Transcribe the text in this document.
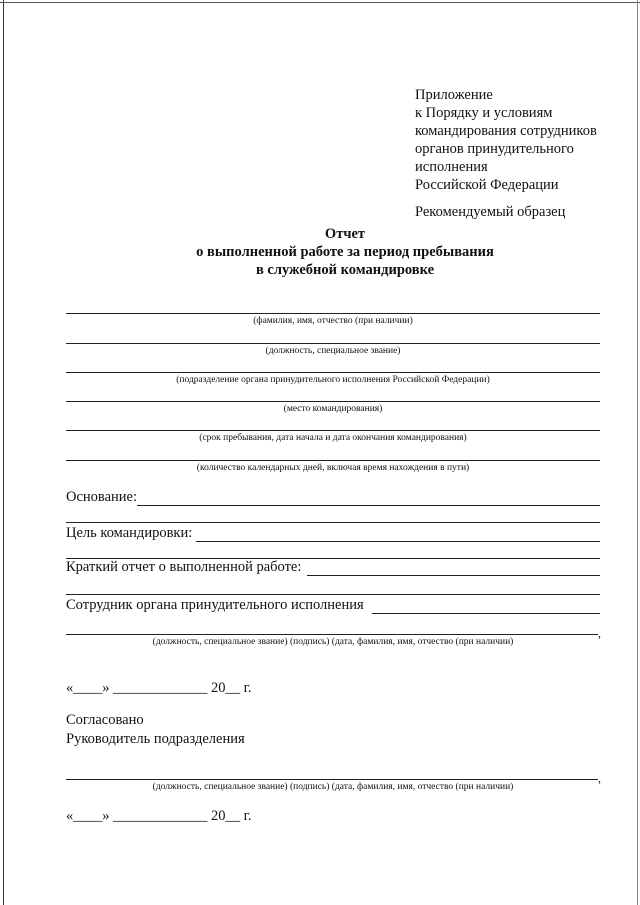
Приложение
к Порядку и условиям
командирования сотрудников
органов принудительного
исполнения
Российской Федерации
Рекомендуемый образец
Отчет
о выполненной работе за период пребывания
в служебной командировке
(фамилия, имя, отчество (при наличии)
(должность, специальное звание)
(подразделение органа принудительного исполнения Российской Федерации)
(место командирования)
(срок пребывания, дата начала и дата окончания командирования)
(количество календарных дней, включая время нахождения в пути)
Основание:
Цель командировки:
Краткий отчет о выполненной работе:
Сотрудник органа принудительного исполнения
,
(должность, специальное звание) (подпись) (дата, фамилия, имя, отчество (при наличии)
«____» _____________ 20__ г.
Согласовано
Руководитель подразделения
,
(должность, специальное звание) (подпись) (дата, фамилия, имя, отчество (при наличии)
«____» _____________ 20__ г.
